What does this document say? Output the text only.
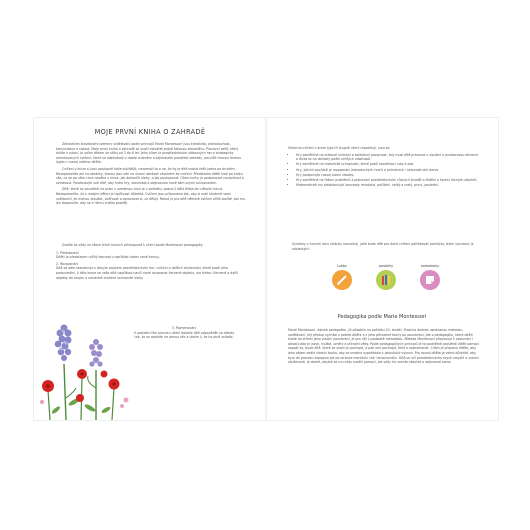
MOJE PRVNÍ KNIHA O ZAHRADĚ

Základními stavebními kameny vzdělávání podle principů Marie Montessori jsou kreativita, jednoduchost, komunikace a radost. Moje první kniha o zahradě se snaží vytvářet právě takovou atmosféru. Pracovní sešit, který držíte v rukou, je určen dětem ve věku od 3 do 6 let. Jeho cílem je prostřednictvím zábavných her a strategicky orientovaných cvičení, které se odehrávají v dobře známém a zajímavém prostředí zahrady, pocvičit hravou formou logiku i rozvoj vašeho dítěte.

Cvičení v knize si jsou postupně stále složitější, nezamoží to a ne, že by je dítě mohlo řešit jedno po druhém. Nezapomeňte ale na obrázky, kterou jsou zde na úrovni obrázek vhodném ke cvičení. Představte dítěti krok po kroku vše, co se po něm chce nového v knize, jak dokončit úlohy, a jak postupovat. Cílem knihy je podporovat nezávislost a zvídavost. Povzbuzujte své dítě, aby hrálo hry, zkoumalo a objevovalo nové sám svými schopnostmi.

Dítě, které se soustředí na práci s uvedenou hrou je v pořádku, pokud ji dělá třeba jen několik minut. Nezapomeňte, že s malými dětmi je trpělivost důležitá. Cvičení jsou připravena tak, aby si malí studenti sami uvědomili, že mohou zkoušet, ověřovat a opravovat si, co dělají. Pokud je pro dítě některé cvičení příliš složité, tak mu jen doporučte, aby se k němu vrátilo později.

Snažte se vždy ve všech třech krocích přistupovat k učení podle Montessori pedagogiky:

1. Představení

Dítěti je představen určitý koncept (například název nové barvy).

2. Rozpoznání

Dítě se dále seznamuje s daným pojmem prostřednictvím her, cvičení a dalších zkušeností, které posílí jeho porozumění. V této kroce se vaše dítě například naučí nové rozpoznat červené objekty, ale třeba i červené a další objekty do skupin a následně zvládne rozmanité úlohy.

3. Pojmenování

V poslední fázi procesu učení dokáže dítě odpovědět na otázky tak, že se zeptáte na danou věc a ukáže ji, že ho plně zvládlo.

Všechna cvičení v knize tyto tři stupně učení respektují. Jsou to:

• Hry zaměřené na zrakové vnímání a selektivní pozornost, kdy musí dítě pracovat s vizuální a prostorovou dimenzí a dívat se na obrázky podle určitých vlastností.
• Hry zaměřené na motorické schopnosti, které posílí koordinaci ruky a oka.
• Hry, jejichž součástí je rozpoznání jednoduchých tvarů a primárních i sekundárních barev.
• Hry podporující rozvoj slovní zásoby.
• Hry zaměřené na řešení problémů a plánování prostřednictvím různých bludišť a třídění a řazení různých objektů.
• Matematické hry představující koncepty množství, počítání, velký a malý, první, poslední.
Symboly v horním rohu stránky naznačují, jaké bude dítě pro dané cvičení potřebovat pomůcky. Jejich významy je následující:
tužka	pastelky	samolepky
Pedagogika podle Marie Montessori
Marie Montessori, italská pedagožka, již působila na počátku 20. století. Proslula dodnes uznávanou metodou vzdělávání. Její přístup vychází z potřeb dítěte a z jeho přirozené touhy po poznávání. Jde o pedagogiku, která dítěti klade do středu jeho vlastní poznávání, je pro něj v podstatě metodikou. Metoda Montessori připravuje k zkoumání i oblasti jako je jazyk, hudba, umění a přírodní vědy. Podle pedagogických principů je to podnětné prostředí dítěti pomoci zapojit se, bude dítě, které se snaží je pochopit, a pak umí pochopit, řešit a zaznamenat. Cílem je příprava dítěte, aby jeho zájem vedla vlastní touha, aby se snadno vypořádalo s jakoukoliv výzvou. Pro rozvoj dítěte je velmi důležité, aby bylo do procesu zapojeno jak po stránce mentální, tak i emocionální. Dítě se učí prostřednictvím svých smyslů a vlastní zkušenosti. Je dobré, abyste se mu vždy snažili pomoci, ale vždy ho nechte zkoušet a objevovat samo.
